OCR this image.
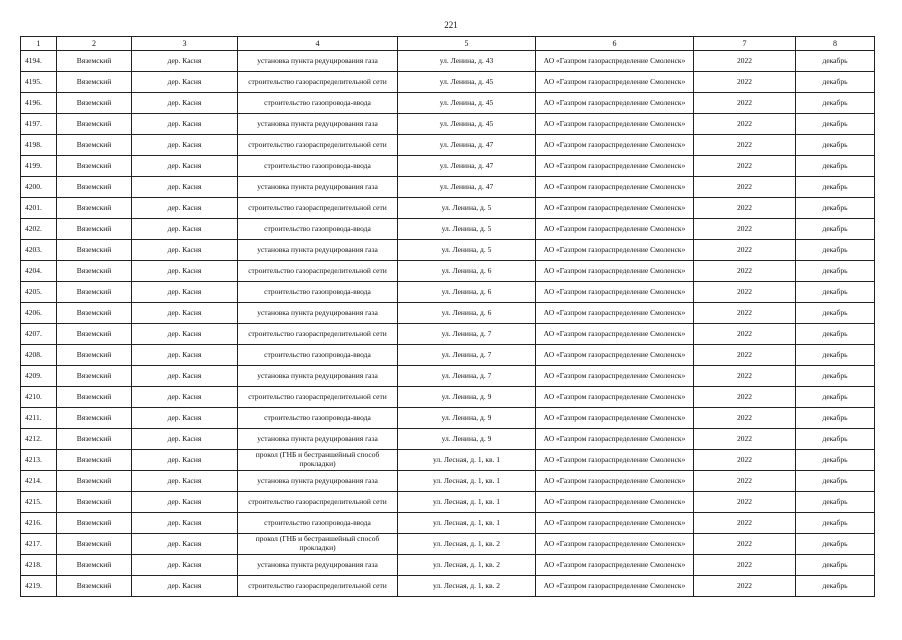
221
1	2	3	4	5	6	7	8
4194.	Вяземский	дер. Касня	установка пункта редуцирования газа	ул. Ленина, д. 43	АО «Газпром газораспределение Смоленск»	2022	декабрь
4195.	Вяземский	дер. Касня	строительство газораспределительной сети	ул. Ленина, д. 45	АО «Газпром газораспределение Смоленск»	2022	декабрь
4196.	Вяземский	дер. Касня	строительство газопровода-ввода	ул. Ленина, д. 45	АО «Газпром газораспределение Смоленск»	2022	декабрь
4197.	Вяземский	дер. Касня	установка пункта редуцирования газа	ул. Ленина, д. 45	АО «Газпром газораспределение Смоленск»	2022	декабрь
4198.	Вяземский	дер. Касня	строительство газораспределительной сети	ул. Ленина, д. 47	АО «Газпром газораспределение Смоленск»	2022	декабрь
4199.	Вяземский	дер. Касня	строительство газопровода-ввода	ул. Ленина, д. 47	АО «Газпром газораспределение Смоленск»	2022	декабрь
4200.	Вяземский	дер. Касня	установка пункта редуцирования газа	ул. Ленина, д. 47	АО «Газпром газораспределение Смоленск»	2022	декабрь
4201.	Вяземский	дер. Касня	строительство газораспределительной сети	ул. Ленина, д. 5	АО «Газпром газораспределение Смоленск»	2022	декабрь
4202.	Вяземский	дер. Касня	строительство газопровода-ввода	ул. Ленина, д. 5	АО «Газпром газораспределение Смоленск»	2022	декабрь
4203.	Вяземский	дер. Касня	установка пункта редуцирования газа	ул. Ленина, д. 5	АО «Газпром газораспределение Смоленск»	2022	декабрь
4204.	Вяземский	дер. Касня	строительство газораспределительной сети	ул. Ленина, д. 6	АО «Газпром газораспределение Смоленск»	2022	декабрь
4205.	Вяземский	дер. Касня	строительство газопровода-ввода	ул. Ленина, д. 6	АО «Газпром газораспределение Смоленск»	2022	декабрь
4206.	Вяземский	дер. Касня	установка пункта редуцирования газа	ул. Ленина, д. 6	АО «Газпром газораспределение Смоленск»	2022	декабрь
4207.	Вяземский	дер. Касня	строительство газораспределительной сети	ул. Ленина, д. 7	АО «Газпром газораспределение Смоленск»	2022	декабрь
4208.	Вяземский	дер. Касня	строительство газопровода-ввода	ул. Ленина, д. 7	АО «Газпром газораспределение Смоленск»	2022	декабрь
4209.	Вяземский	дер. Касня	установка пункта редуцирования газа	ул. Ленина, д. 7	АО «Газпром газораспределение Смоленск»	2022	декабрь
4210.	Вяземский	дер. Касня	строительство газораспределительной сети	ул. Ленина, д. 9	АО «Газпром газораспределение Смоленск»	2022	декабрь
4211.	Вяземский	дер. Касня	строительство газопровода-ввода	ул. Ленина, д. 9	АО «Газпром газораспределение Смоленск»	2022	декабрь
4212.	Вяземский	дер. Касня	установка пункта редуцирования газа	ул. Ленина, д. 9	АО «Газпром газораспределение Смоленск»	2022	декабрь
4213.	Вяземский	дер. Касня	прокол (ГНБ и бестраншейный способ прокладки)	ул. Лесная, д. 1, кв. 1	АО «Газпром газораспределение Смоленск»	2022	декабрь
4214.	Вяземский	дер. Касня	установка пункта редуцирования газа	ул. Лесная, д. 1, кв. 1	АО «Газпром газораспределение Смоленск»	2022	декабрь
4215.	Вяземский	дер. Касня	строительство газораспределительной сети	ул. Лесная, д. 1, кв. 1	АО «Газпром газораспределение Смоленск»	2022	декабрь
4216.	Вяземский	дер. Касня	строительство газопровода-ввода	ул. Лесная, д. 1, кв. 1	АО «Газпром газораспределение Смоленск»	2022	декабрь
4217.	Вяземский	дер. Касня	прокол (ГНБ и бестраншейный способ прокладки)	ул. Лесная, д. 1, кв. 2	АО «Газпром газораспределение Смоленск»	2022	декабрь
4218.	Вяземский	дер. Касня	установка пункта редуцирования газа	ул. Лесная, д. 1, кв. 2	АО «Газпром газораспределение Смоленск»	2022	декабрь
4219.	Вяземский	дер. Касня	строительство газораспределительной сети	ул. Лесная, д. 1, кв. 2	АО «Газпром газораспределение Смоленск»	2022	декабрь
